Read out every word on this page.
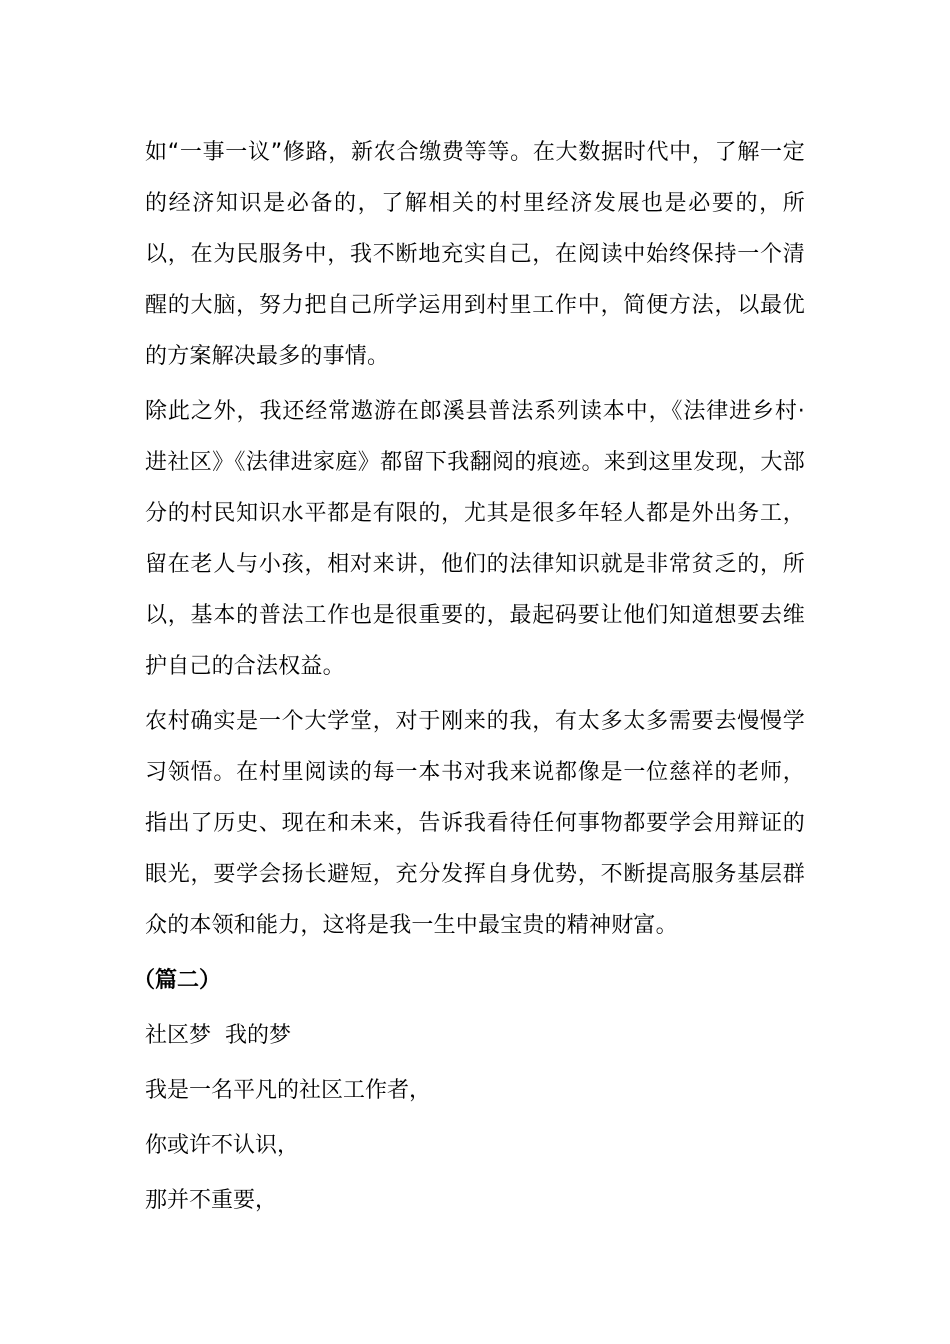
如“一事一议”修路，新农合缴费等等。在大数据时代中，了解一定的经济知识是必备的，了解相关的村里经济发展也是必要的，所以，在为民服务中，我不断地充实自己，在阅读中始终保持一个清醒的大脑，努力把自己所学运用到村里工作中，简便方法，以最优的方案解决最多的事情。

除此之外，我还经常遨游在郎溪县普法系列读本中，《法律进乡村·进社区》《法律进家庭》都留下我翻阅的痕迹。来到这里发现，大部分的村民知识水平都是有限的，尤其是很多年轻人都是外出务工，留在老人与小孩，相对来讲，他们的法律知识就是非常贫乏的，所以，基本的普法工作也是很重要的，最起码要让他们知道想要去维护自己的合法权益。

农村确实是一个大学堂，对于刚来的我，有太多太多需要去慢慢学习领悟。在村里阅读的每一本书对我来说都像是一位慈祥的老师，指出了历史、现在和未来，告诉我看待任何事物都要学会用辩证的眼光，要学会扬长避短，充分发挥自身优势，不断提高服务基层群众的本领和能力，这将是我一生中最宝贵的精神财富。

（篇二）

社区梦  我的梦

我是一名平凡的社区工作者，

你或许不认识，

那并不重要，
